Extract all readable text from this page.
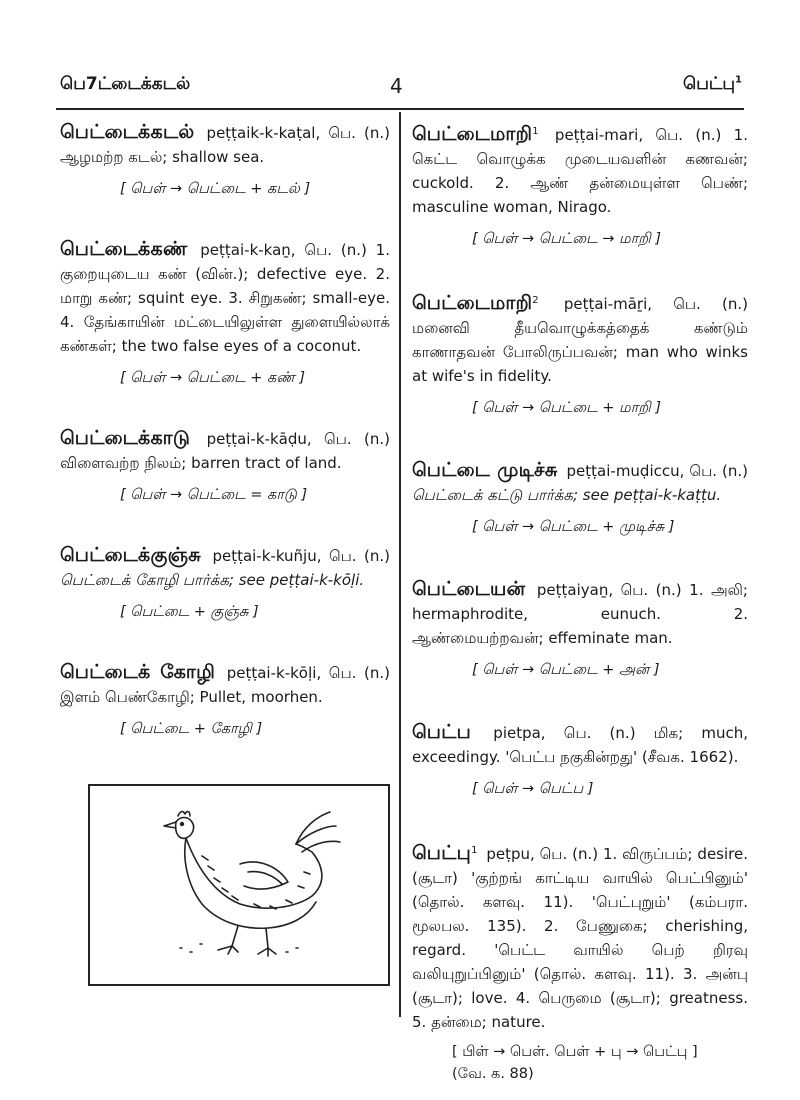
பெ7ட்டைக்கடல்	4	பெட்பு$^1$
பெட்டைக்கடல் peṭṭaik-k-kaṭal, பெ. (n.) ஆழமற்ற கடல்; shallow sea.
[ பெள் → பெட்டை + கடல் ]
பெட்டைக்கண் peṭṭai-k-kaṉ, பெ. (n.) 1. குறையுடைய கண் (வின்.); defective eye. 2. மாறு கண்; squint eye. 3. சிறுகண்; small-eye. 4. தேங்காயின் மட்டையிலுள்ள துளையில்லாக் கண்கள்; the two false eyes of a coconut.
[ பெள் → பெட்டை + கண் ]
பெட்டைக்காடு peṭṭai-k-kāḍu, பெ. (n.) விளைவற்ற நிலம்; barren tract of land.
[ பெள் → பெட்டை = காடு ]
பெட்டைக்குஞ்சு peṭṭai-k-kuñju, பெ. (n.) பெட்டைக் கோழி பார்க்க; see peṭṭai-k-kōḷi.
[ பெட்டை + குஞ்சு ]
பெட்டைக் கோழி peṭṭai-k-kōḷi, பெ. (n.) இளம் பெண்கோழி; Pullet, moorhen.
[ பெட்டை + கோழி ]
பெட்டைமாறி$^1$ peṭṭai-mari, பெ. (n.) 1. கெட்ட வொழுக்க முடையவளின் கணவன்; cuckold. 2. ஆண் தன்மையுள்ள பெண்; masculine woman, Nirago.
[ பெள் → பெட்டை → மாறி ]
பெட்டைமாறி$^2$ peṭṭai-māṟi, பெ. (n.) மனைவி தீயவொழுக்கத்தைக் கண்டும் காணாதவன் போலிருப்பவன்; man who winks at wife's in fidelity.
[ பெள் → பெட்டை + மாறி ]
பெட்டை முடிச்சு peṭṭai-muḍiccu, பெ. (n.) பெட்டைக் கட்டு பார்க்க; see peṭṭai-k-kaṭṭu.
[ பெள் → பெட்டை + முடிச்சு ]
பெட்டையன் peṭṭaiyaṉ, பெ. (n.) 1. அலி; hermaphrodite, eunuch. 2. ஆண்மையற்றவன்; effeminate man.
[ பெள் → பெட்டை + அன் ]
பெட்ப pietpa, பெ. (n.) மிக; much, exceedingy. 'பெட்ப நகுகின்றது' (சீவக. 1662).
[ பெள் → பெட்ப ]
பெட்பு$^1$ peṭpu, பெ. (n.) 1. விருப்பம்; desire. (சூடா) 'குற்றங் காட்டிய வாயில் பெட்பினும்' (தொல். களவு. 11). 'பெட்புறும்' (கம்பரா. மூலபல. 135). 2. பேணுகை; cherishing, regard. 'பெட்ட வாயில் பெற் றிரவு வலியுறுப்பினும்' (தொல். களவு. 11). 3. அன்பு (சூடா); love. 4. பெருமை (சூடா); greatness. 5. தன்மை; nature.
[ பிள் → பெள். பெள் + பு → பெட்பு ]
(வே. க. 88)
